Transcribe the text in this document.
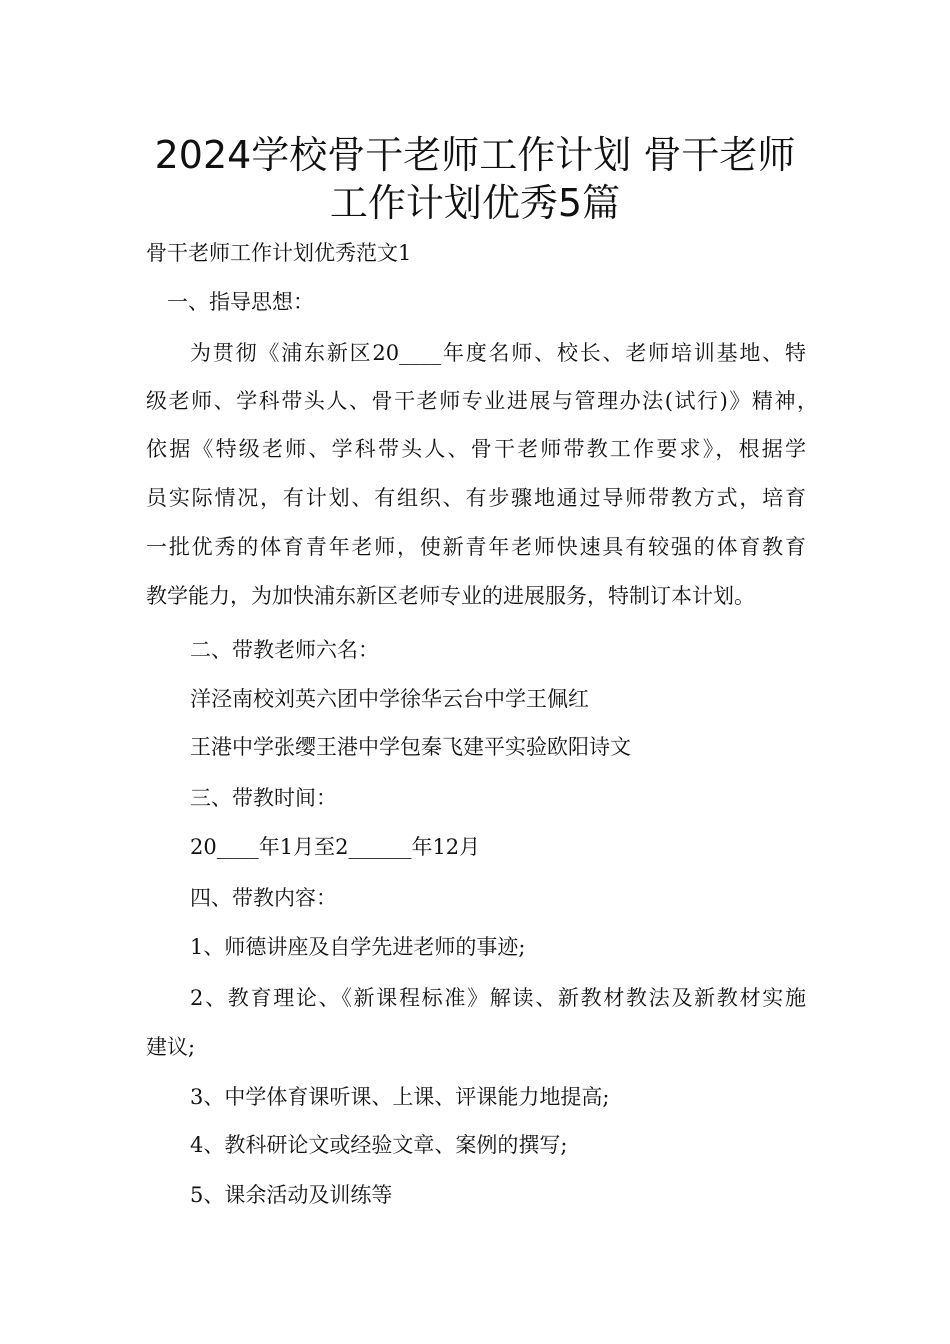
2024学校骨干老师工作计划 骨干老师
工作计划优秀5篇
骨干老师工作计划优秀范文1
一、指导思想：
为贯彻《浦东新区20____年度名师、校长、老师培训基地、特
级老师、学科带头人、骨干老师专业进展与管理办法(试行)》精神，
依据《特级老师、学科带头人、骨干老师带教工作要求》，根据学
员实际情况，有计划、有组织、有步骤地通过导师带教方式，培育
一批优秀的体育青年老师，使新青年老师快速具有较强的体育教育
教学能力，为加快浦东新区老师专业的进展服务，特制订本计划。
二、带教老师六名：
洋泾南校刘英六团中学徐华云台中学王佩红
王港中学张缨王港中学包秦飞建平实验欧阳诗文
三、带教时间：
20____年1月至2______年12月
四、带教内容：
1、师德讲座及自学先进老师的事迹;
2、教育理论、《新课程标准》解读、新教材教法及新教材实施
建议;
3、中学体育课听课、上课、评课能力地提高;
4、教科研论文或经验文章、案例的撰写;
5、课余活动及训练等
